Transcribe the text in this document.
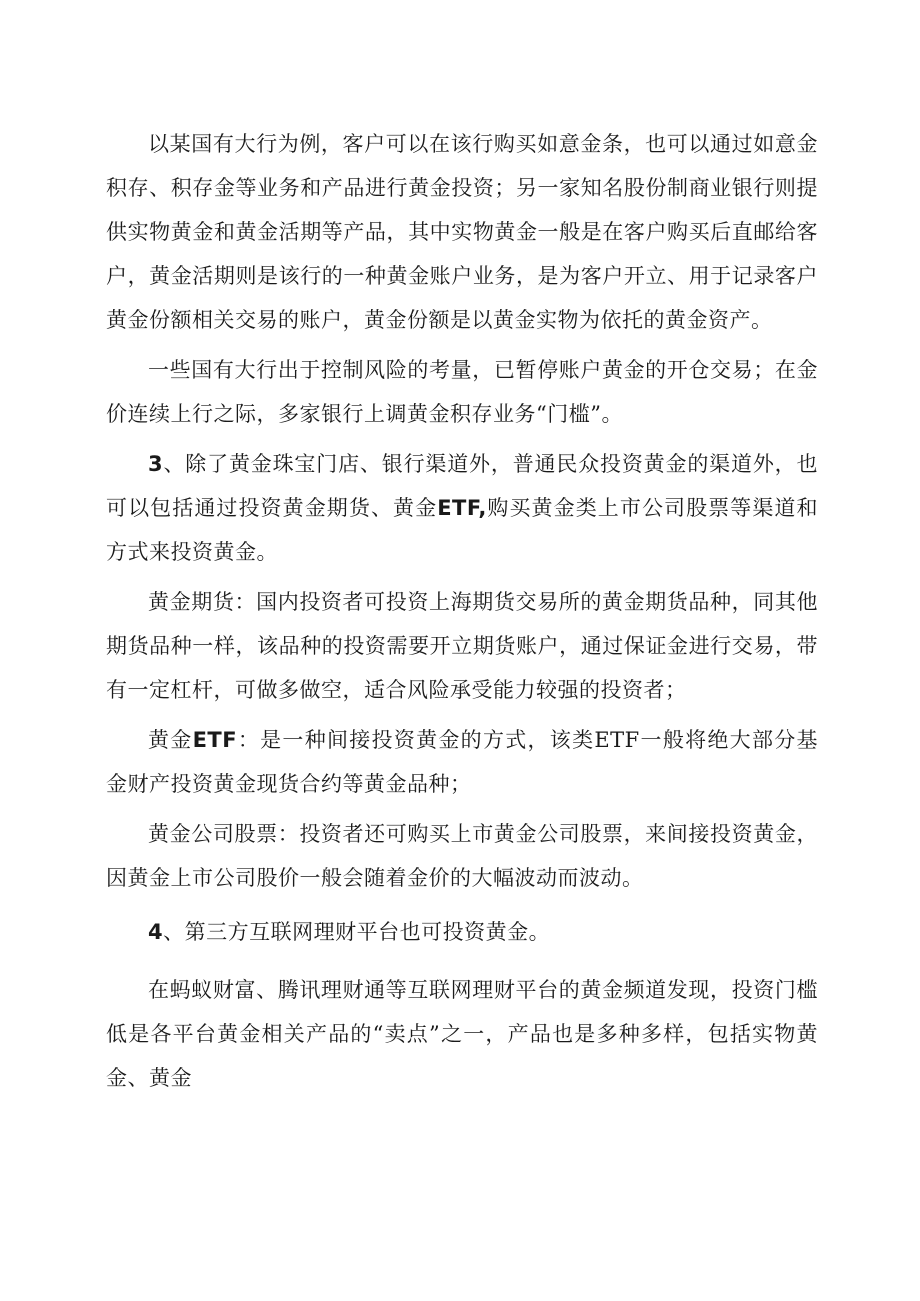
以某国有大行为例，客户可以在该行购买如意金条，也可以通过如意金积存、积存金等业务和产品进行黄金投资；另一家知名股份制商业银行则提供实物黄金和黄金活期等产品，其中实物黄金一般是在客户购买后直邮给客户，黄金活期则是该行的一种黄金账户业务，是为客户开立、用于记录客户黄金份额相关交易的账户，黄金份额是以黄金实物为依托的黄金资产。

一些国有大行出于控制风险的考量，已暂停账户黄金的开仓交易；在金价连续上行之际，多家银行上调黄金积存业务“门槛”。

3、除了黄金珠宝门店、银行渠道外，普通民众投资黄金的渠道外，也可以包括通过投资黄金期货、黄金ETF,购买黄金类上市公司股票等渠道和方式来投资黄金。

黄金期货：国内投资者可投资上海期货交易所的黄金期货品种，同其他期货品种一样，该品种的投资需要开立期货账户，通过保证金进行交易，带有一定杠杆，可做多做空，适合风险承受能力较强的投资者；

黄金ETF：是一种间接投资黄金的方式，该类ETF一般将绝大部分基金财产投资黄金现货合约等黄金品种；

黄金公司股票：投资者还可购买上市黄金公司股票，来间接投资黄金，因黄金上市公司股价一般会随着金价的大幅波动而波动。

4、第三方互联网理财平台也可投资黄金。

在蚂蚁财富、腾讯理财通等互联网理财平台的黄金频道发现，投资门槛低是各平台黄金相关产品的“卖点”之一，产品也是多种多样，包括实物黄金、黄金
